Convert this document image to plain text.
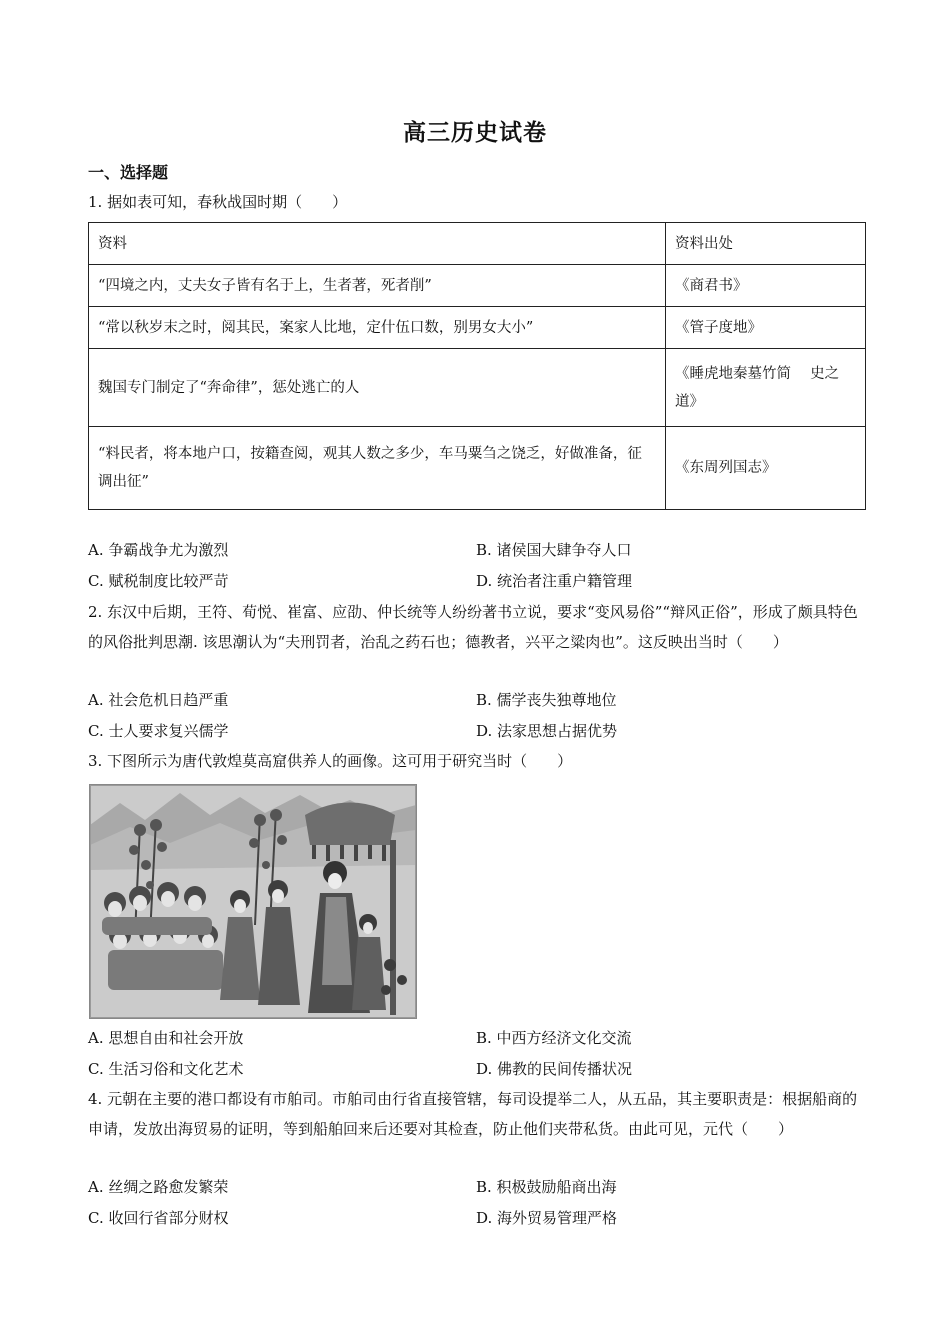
高三历史试卷
一、选择题
1. 据如表可知，春秋战国时期（　　）
资料	资料出处
“四境之内，丈夫女子皆有名于上，生者著，死者削”	《商君书》
“常以秋岁末之时，阅其民，案家人比地，定什伍口数，别男女大小”	《管子度地》
魏国专门制定了“奔命律”，惩处逃亡的人	《睡虎地秦墓竹简　 史之道》
“料民者，将本地户口，按籍查阅，观其人数之多少，车马粟刍之饶乏，好做准备，征调出征”	《东周列国志》
A. 争霸战争尤为激烈	B. 诸侯国大肆争夺人口
C. 赋税制度比较严苛	D. 统治者注重户籍管理
2. 东汉中后期，王符、荀悦、崔富、应劭、仲长统等人纷纷著书立说，要求“变风易俗”“辩风正俗”，形成了颇具特色的风俗批判思潮. 该思潮认为“夫刑罚者，治乱之药石也；德教者，兴平之粱肉也”。这反映出当时（　　）
A. 社会危机日趋严重	B. 儒学丧失独尊地位
C. 士人要求复兴儒学	D. 法家思想占据优势
3. 下图所示为唐代敦煌莫高窟供养人的画像。这可用于研究当时（　　）
A. 思想自由和社会开放	B. 中西方经济文化交流
C. 生活习俗和文化艺术	D. 佛教的民间传播状况
4. 元朝在主要的港口都设有市舶司。市舶司由行省直接管辖，每司设提举二人，从五品，其主要职责是：根据船商的申请，发放出海贸易的证明，等到船舶回来后还要对其检查，防止他们夹带私货。由此可见，元代（　　）
A. 丝绸之路愈发繁荣	B. 积极鼓励船商出海
C. 收回行省部分财权	D. 海外贸易管理严格
